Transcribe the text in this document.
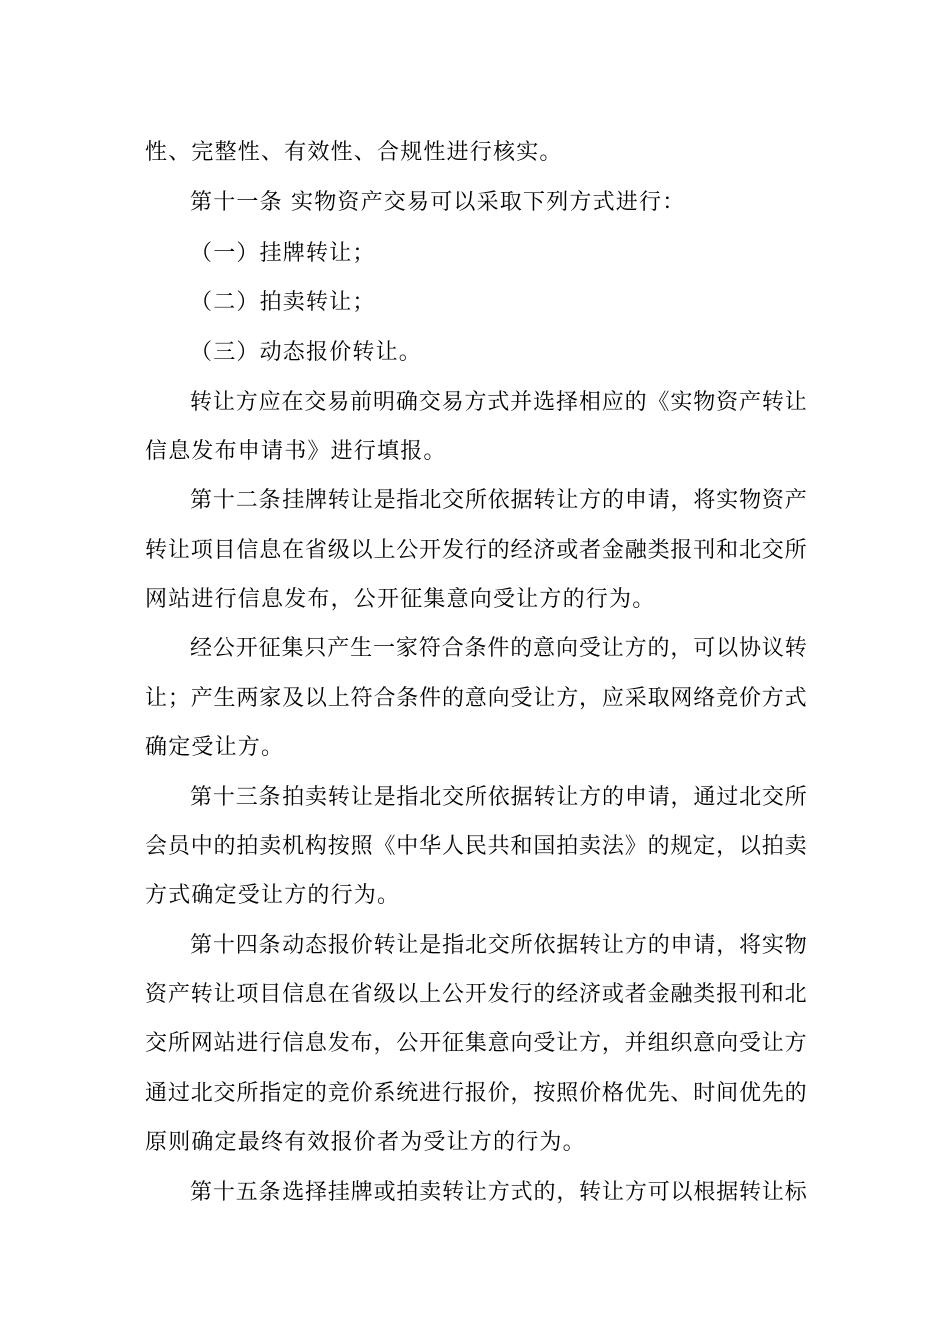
性、完整性、有效性、合规性进行核实。
第十一条 实物资产交易可以采取下列方式进行：
（一）挂牌转让；
（二）拍卖转让；
（三）动态报价转让。
转 让 方 应 在 交 易 前 明 确 交 易 方 式 并 选 择 相 应 的 《 实 物 资 产 转 让
信息发布申请书》进行填报。
第 十 二 条 挂 牌 转 让 是 指 北 交 所 依 据 转 让 方 的 申 请 ， 将 实 物 资 产
转 让 项 目 信 息 在 省 级 以 上 公 开 发 行 的 经 济 或 者 金 融 类 报 刊 和 北 交 所
网站进行信息发布，公开征集意向受让方的行为。
经 公 开 征 集 只 产 生 一 家 符 合 条 件 的 意 向 受 让 方 的 ， 可 以 协 议 转
让 ； 产 生 两 家 及 以 上 符 合 条 件 的 意 向 受 让 方 ， 应 采 取 网 络 竞 价 方 式
确定受让方。
第 十 三 条 拍 卖 转 让 是 指 北 交 所 依 据 转 让 方 的 申 请 ， 通 过 北 交 所
会 员 中 的 拍 卖 机 构 按 照 《 中 华 人 民 共 和 国 拍 卖 法 》 的 规 定 ， 以 拍 卖
方式确定受让方的行为。
第 十 四 条 动 态 报 价 转 让 是 指 北 交 所 依 据 转 让 方 的 申 请 ， 将 实 物
资 产 转 让 项 目 信 息 在 省 级 以 上 公 开 发 行 的 经 济 或 者 金 融 类 报 刊 和 北
交 所 网 站 进 行 信 息 发 布 ， 公 开 征 集 意 向 受 让 方 ， 并 组 织 意 向 受 让 方
通 过 北 交 所 指 定 的 竞 价 系 统 进 行 报 价 ， 按 照 价 格 优 先 、 时 间 优 先 的
原则确定最终有效报价者为受让方的行为。
第 十 五 条 选 择 挂 牌 或 拍 卖 转 让 方 式 的 ， 转 让 方 可 以 根 据 转 让 标
